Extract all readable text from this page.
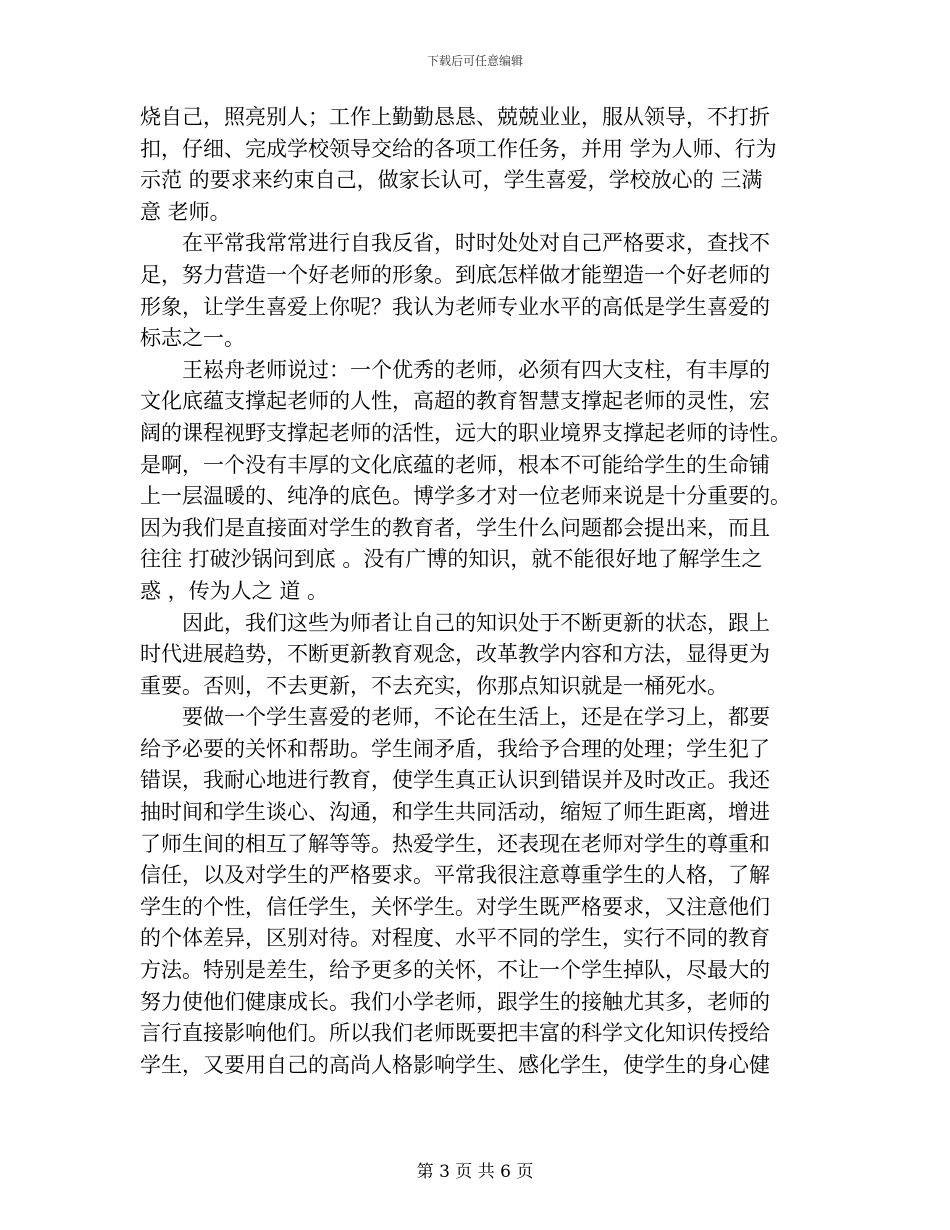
下载后可任意编辑
烧自己，照亮别人；工作上勤勤恳恳、兢兢业业，服从领导，不打折
扣，仔细、完成学校领导交给的各项工作任务，并用 学为人师、行为
示范 的要求来约束自己，做家长认可，学生喜爱，学校放心的 三满
意 老师。
　　在平常我常常进行自我反省，时时处处对自己严格要求，查找不
足，努力营造一个好老师的形象。到底怎样做才能塑造一个好老师的
形象，让学生喜爱上你呢？我认为老师专业水平的高低是学生喜爱的
标志之一。
　　王崧舟老师说过：一个优秀的老师，必须有四大支柱，有丰厚的
文化底蕴支撑起老师的人性，高超的教育智慧支撑起老师的灵性，宏
阔的课程视野支撑起老师的活性，远大的职业境界支撑起老师的诗性。
是啊，一个没有丰厚的文化底蕴的老师，根本不可能给学生的生命铺
上一层温暖的、纯净的底色。博学多才对一位老师来说是十分重要的。
因为我们是直接面对学生的教育者，学生什么问题都会提出来，而且
往往 打破沙锅问到底 。没有广博的知识，就不能很好地了解学生之
惑 ，传为人之 道 。
　　因此，我们这些为师者让自己的知识处于不断更新的状态，跟上
时代进展趋势，不断更新教育观念，改革教学内容和方法，显得更为
重要。否则，不去更新，不去充实，你那点知识就是一桶死水。
　　要做一个学生喜爱的老师，不论在生活上，还是在学习上，都要
给予必要的关怀和帮助。学生闹矛盾，我给予合理的处理；学生犯了
错误，我耐心地进行教育，使学生真正认识到错误并及时改正。我还
抽时间和学生谈心、沟通，和学生共同活动，缩短了师生距离，增进
了师生间的相互了解等等。热爱学生，还表现在老师对学生的尊重和
信任，以及对学生的严格要求。平常我很注意尊重学生的人格，了解
学生的个性，信任学生，关怀学生。对学生既严格要求，又注意他们
的个体差异，区别对待。对程度、水平不同的学生，实行不同的教育
方法。特别是差生，给予更多的关怀，不让一个学生掉队，尽最大的
努力使他们健康成长。我们小学老师，跟学生的接触尤其多，老师的
言行直接影响他们。所以我们老师既要把丰富的科学文化知识传授给
学生，又要用自己的高尚人格影响学生、感化学生，使学生的身心健
第 3 页 共 6 页
